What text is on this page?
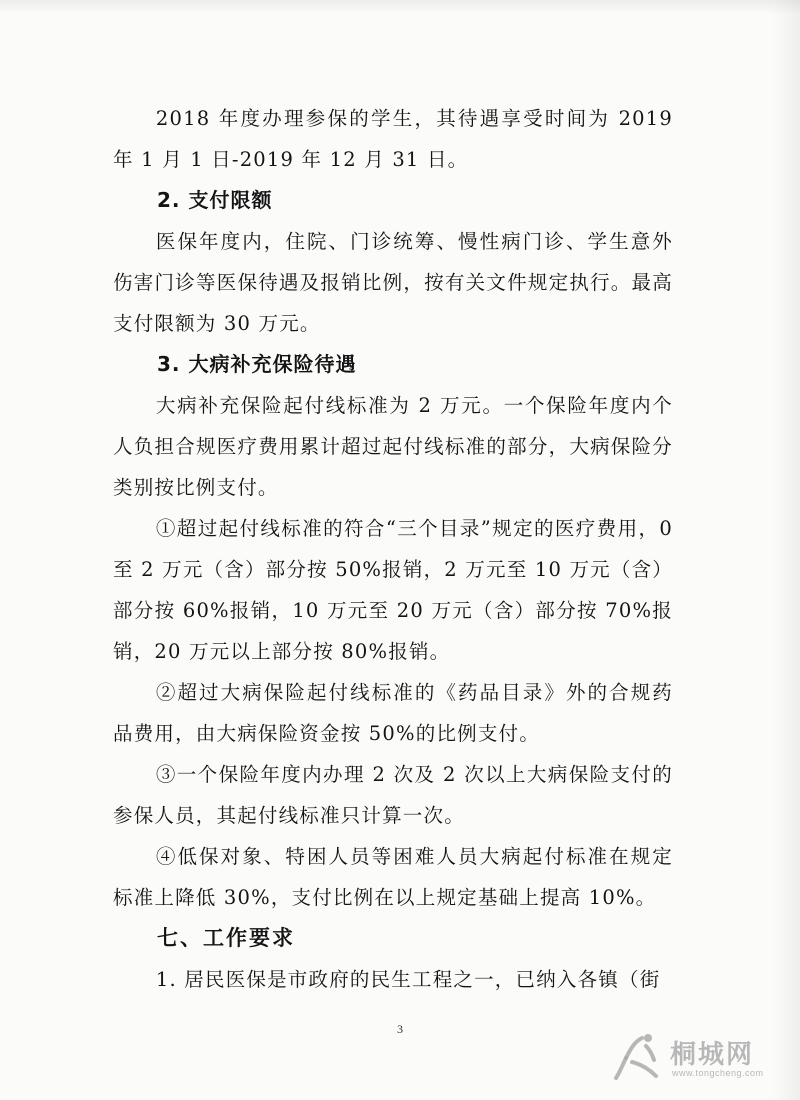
2018 年度办理参保的学生，其待遇享受时间为 2019 年 1 月 1 日-2019 年 12 月 31 日。

2. 支付限额

医保年度内，住院、门诊统筹、慢性病门诊、学生意外伤害门诊等医保待遇及报销比例，按有关文件规定执行。最高支付限额为 30 万元。

3. 大病补充保险待遇

大病补充保险起付线标准为 2 万元。一个保险年度内个人负担合规医疗费用累计超过起付线标准的部分，大病保险分类别按比例支付。

①超过起付线标准的符合“三个目录”规定的医疗费用，0 至 2 万元（含）部分按 50%报销，2 万元至 10 万元（含）部分按 60%报销，10 万元至 20 万元（含）部分按 70%报销，20 万元以上部分按 80%报销。

②超过大病保险起付线标准的《药品目录》外的合规药品费用，由大病保险资金按 50%的比例支付。

③一个保险年度内办理 2 次及 2 次以上大病保险支付的参保人员，其起付线标准只计算一次。

④低保对象、特困人员等困难人员大病起付标准在规定标准上降低 30%，支付比例在以上规定基础上提高 10%。

七、工作要求

1. 居民医保是市政府的民生工程之一，已纳入各镇（街

3
桐城网
www.tongcheng.com
